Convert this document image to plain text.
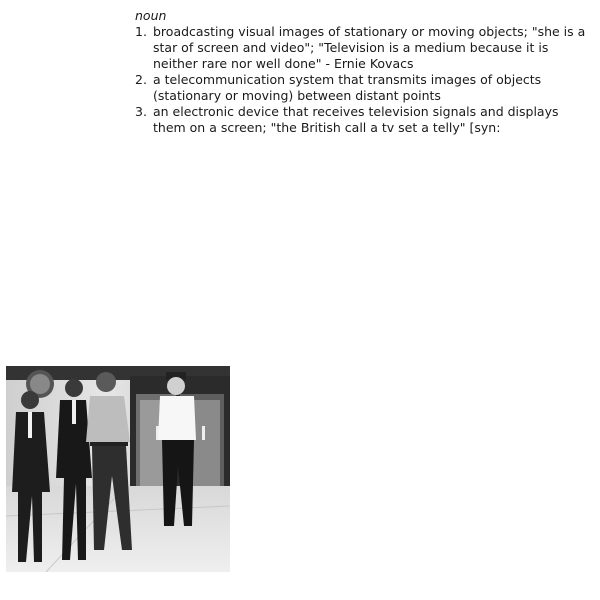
noun

1. broadcasting visual images of stationary or moving objects; "she is a star of screen and video"; "Television is a medium because it is neither rare nor well done" - Ernie Kovacs
2. a telecommunication system that transmits images of objects (stationary or moving) between distant points
3. an electronic device that receives television signals and displays them on a screen; "the British call a tv set a telly" [syn:
